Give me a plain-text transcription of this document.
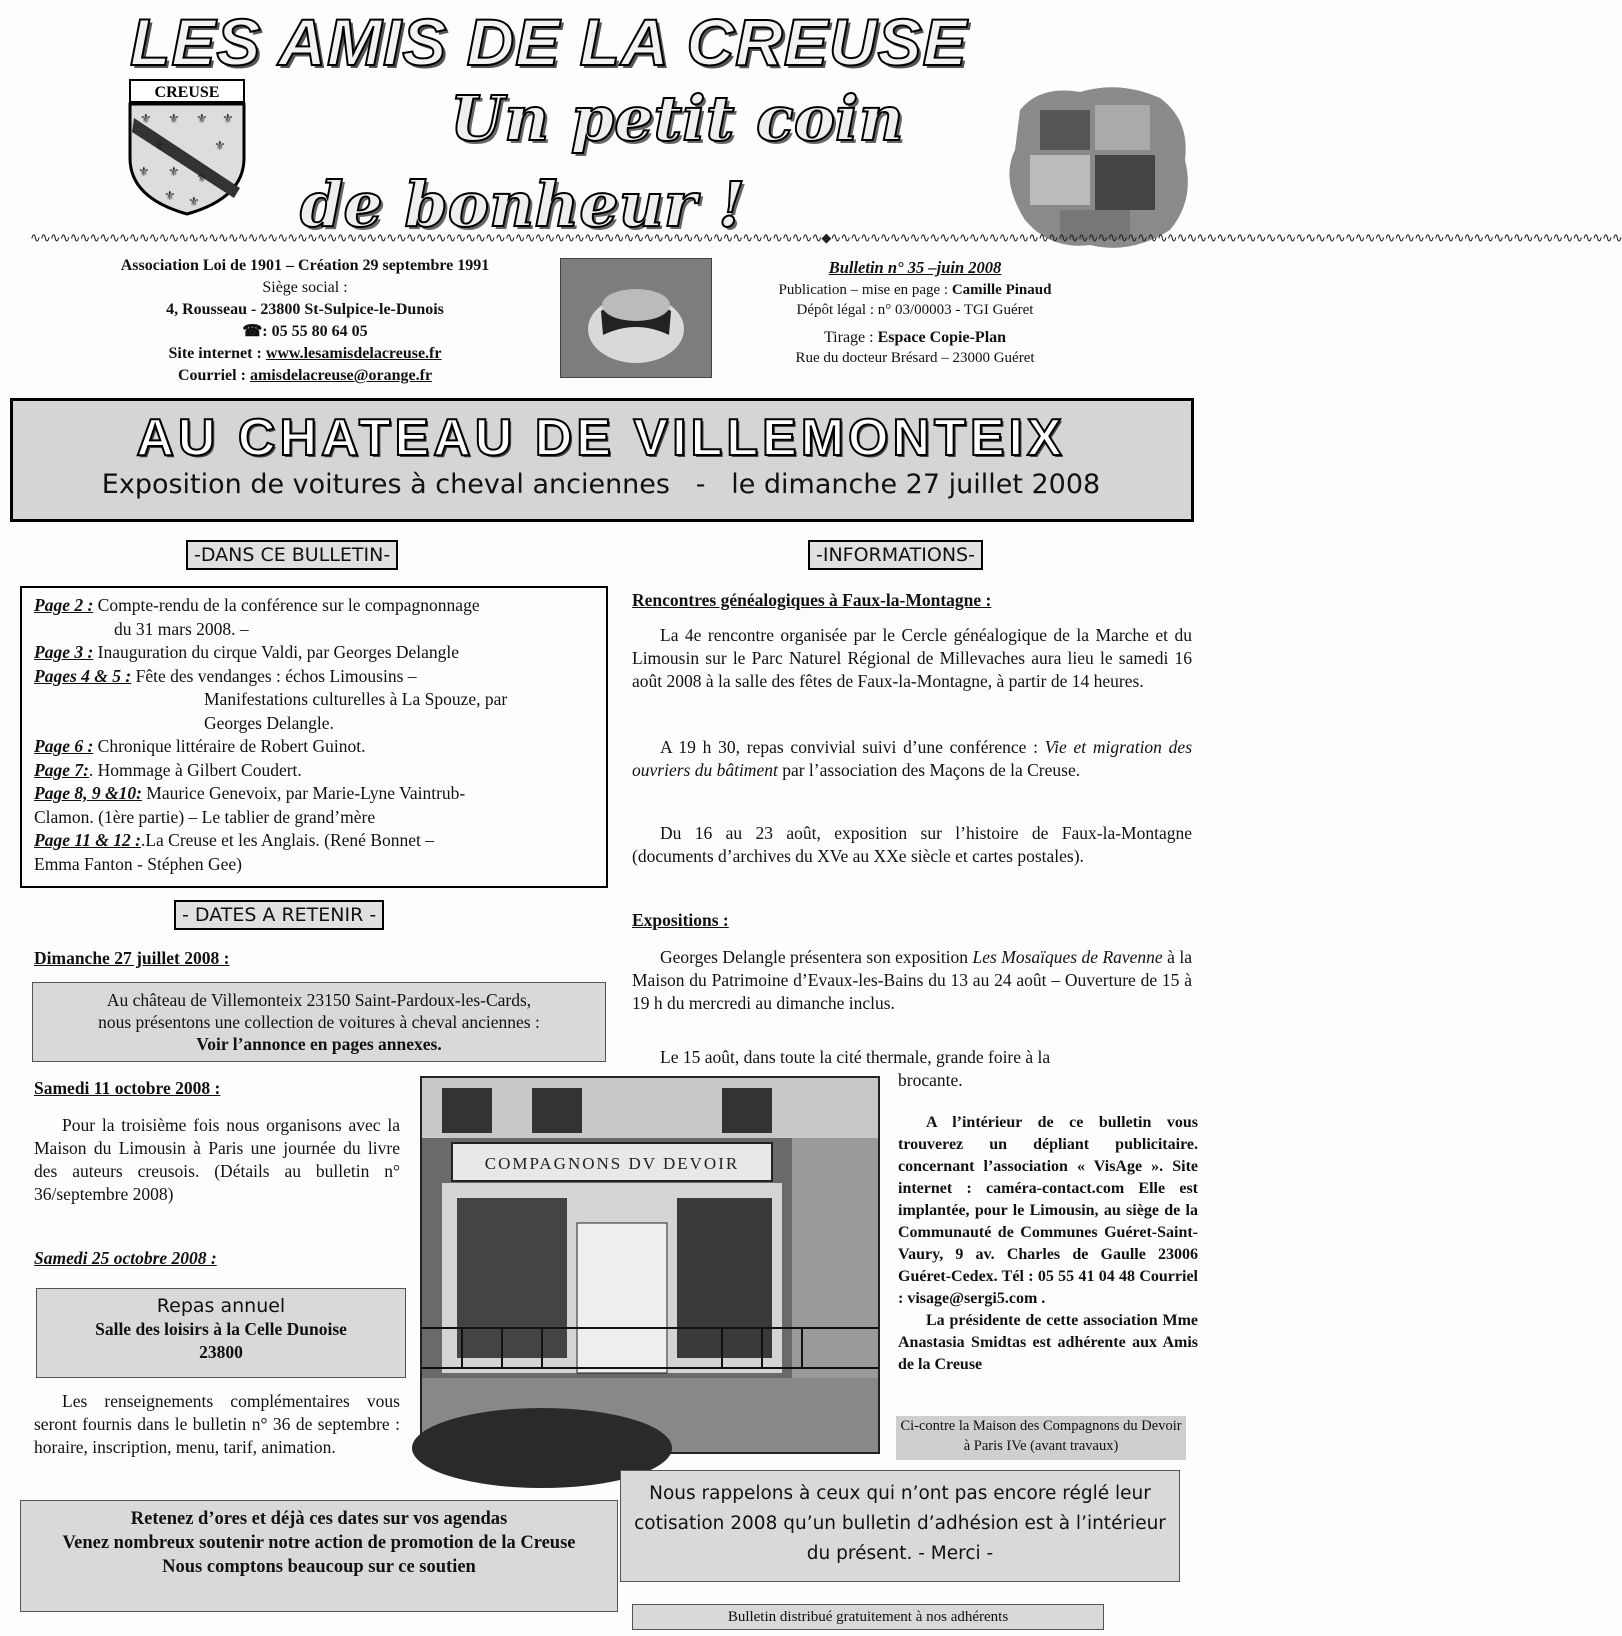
LES AMIS DE LA CREUSE
Un petit coin
de bonheur !
CREUSE
⚜ ⚜ ⚜ ⚜
⚜	⚜
⚜ ⚜ ⚜
⚜ ⚜
∿∿∿∿∿∿∿∿∿∿∿∿∿∿∿∿∿∿∿∿∿∿∿∿∿∿∿∿∿∿∿∿∿∿∿∿∿∿∿∿∿∿∿∿∿∿∿∿∿∿∿∿∿∿∿∿∿∿∿∿∿∿∿∿∿∿∿∿∿∿∿∿∿∿∿∿∿∿∿∿◆∿∿∿∿∿∿∿∿∿∿∿∿∿∿∿∿∿∿∿∿∿∿∿∿∿∿∿∿∿∿∿∿∿∿∿∿∿∿∿∿∿∿∿∿∿∿∿∿∿∿∿∿∿∿∿∿∿∿∿∿∿∿∿∿∿∿∿∿∿∿∿∿∿∿∿∿∿∿∿∿
Association Loi de 1901 – Création 29 septembre 1991
Siège social :
4, Rousseau - 23800 St-Sulpice-le-Dunois
☎: 05 55 80 64 05
Site internet : www.lesamisdelacreuse.fr
Courriel : amisdelacreuse@orange.fr
Bulletin n° 35 –juin 2008
Publication – mise en page : Camille Pinaud
Dépôt légal : n° 03/00003 - TGI Guéret
Tirage : Espace Copie-Plan
Rue du docteur Brésard – 23000 Guéret
AU CHATEAU DE VILLEMONTEIX
Exposition de voitures à cheval anciennes   -   le dimanche 27 juillet 2008
-DANS CE BULLETIN-	-INFORMATIONS-
Page 2 : Compte-rendu de la conférence sur le compagnonnage
du 31 mars 2008. –
Page 3 : Inauguration du cirque Valdi, par Georges Delangle
Pages 4 & 5 : Fête des vendanges : échos Limousins –
Manifestations culturelles à La Spouze, par
Georges Delangle.
Page 6 : Chronique littéraire de Robert Guinot.
Page 7:. Hommage à Gilbert Coudert.
Page 8, 9 &10: Maurice Genevoix, par Marie-Lyne Vaintrub-
Clamon. (1ère partie) – Le tablier de grand’mère
Page 11 & 12 :.La Creuse et les Anglais. (René Bonnet –
Emma Fanton - Stéphen Gee)
- DATES A RETENIR -
Dimanche 27 juillet 2008 :
Au château de Villemonteix 23150 Saint-Pardoux-les-Cards,
nous présentons une collection de voitures à cheval anciennes :
Voir l’annonce en pages annexes.
Samedi 11 octobre 2008 :
Pour la troisième fois nous organisons avec la Maison du Limousin à Paris une journée du livre des auteurs creusois. (Détails au bulletin n° 36/septembre 2008)
Samedi 25 octobre 2008 :
Repas annuel
Salle des loisirs à la Celle Dunoise
23800
Les renseignements complémentaires vous seront fournis dans le bulletin n° 36 de septembre : horaire, inscription, menu, tarif, animation.
Retenez d’ores et déjà ces dates sur vos agendas
Venez nombreux soutenir notre action de promotion de la Creuse
Nous comptons beaucoup sur ce soutien
Rencontres généalogiques à Faux-la-Montagne :
La 4e rencontre organisée par le Cercle généalogique de la Marche et du Limousin sur le Parc Naturel Régional de Millevaches aura lieu le samedi 16 août 2008 à la salle des fêtes de Faux-la-Montagne, à partir de 14 heures.
A 19 h 30, repas convivial suivi d’une conférence : Vie et migration des ouvriers du bâtiment par l’association des Maçons de la Creuse.
Du 16 au 23 août, exposition sur l’histoire de Faux-la-Montagne (documents d’archives du XVe au XXe siècle et cartes postales).
Expositions :
Georges Delangle présentera son exposition Les Mosaïques de Ravenne à la Maison du Patrimoine d’Evaux-les-Bains du 13 au 24 août – Ouverture de 15 à 19 h du mercredi au dimanche inclus.
Le 15 août, dans toute la cité thermale, grande foire à la
brocante.
COMPAGNONS DV DEVOIR
A l’intérieur de ce bulletin vous trouverez un dépliant publicitaire. concernant l’association « VisAge ». Site internet : caméra-contact.com Elle est implantée, pour le Limousin, au siège de la Communauté de Communes Guéret-Saint-Vaury, 9 av. Charles de Gaulle 23006 Guéret-Cedex. Tél : 05 55 41 04 48 Courriel : visage@sergi5.com .
La présidente de cette association Mme Anastasia Smidtas est adhérente aux Amis de la Creuse
Ci-contre la Maison des Compagnons du Devoir à Paris IVe (avant travaux)
Nous rappelons à ceux qui n’ont pas encore réglé leur cotisation 2008 qu’un bulletin d’adhésion est à l’intérieur du présent. - Merci -
Bulletin distribué gratuitement à nos adhérents
